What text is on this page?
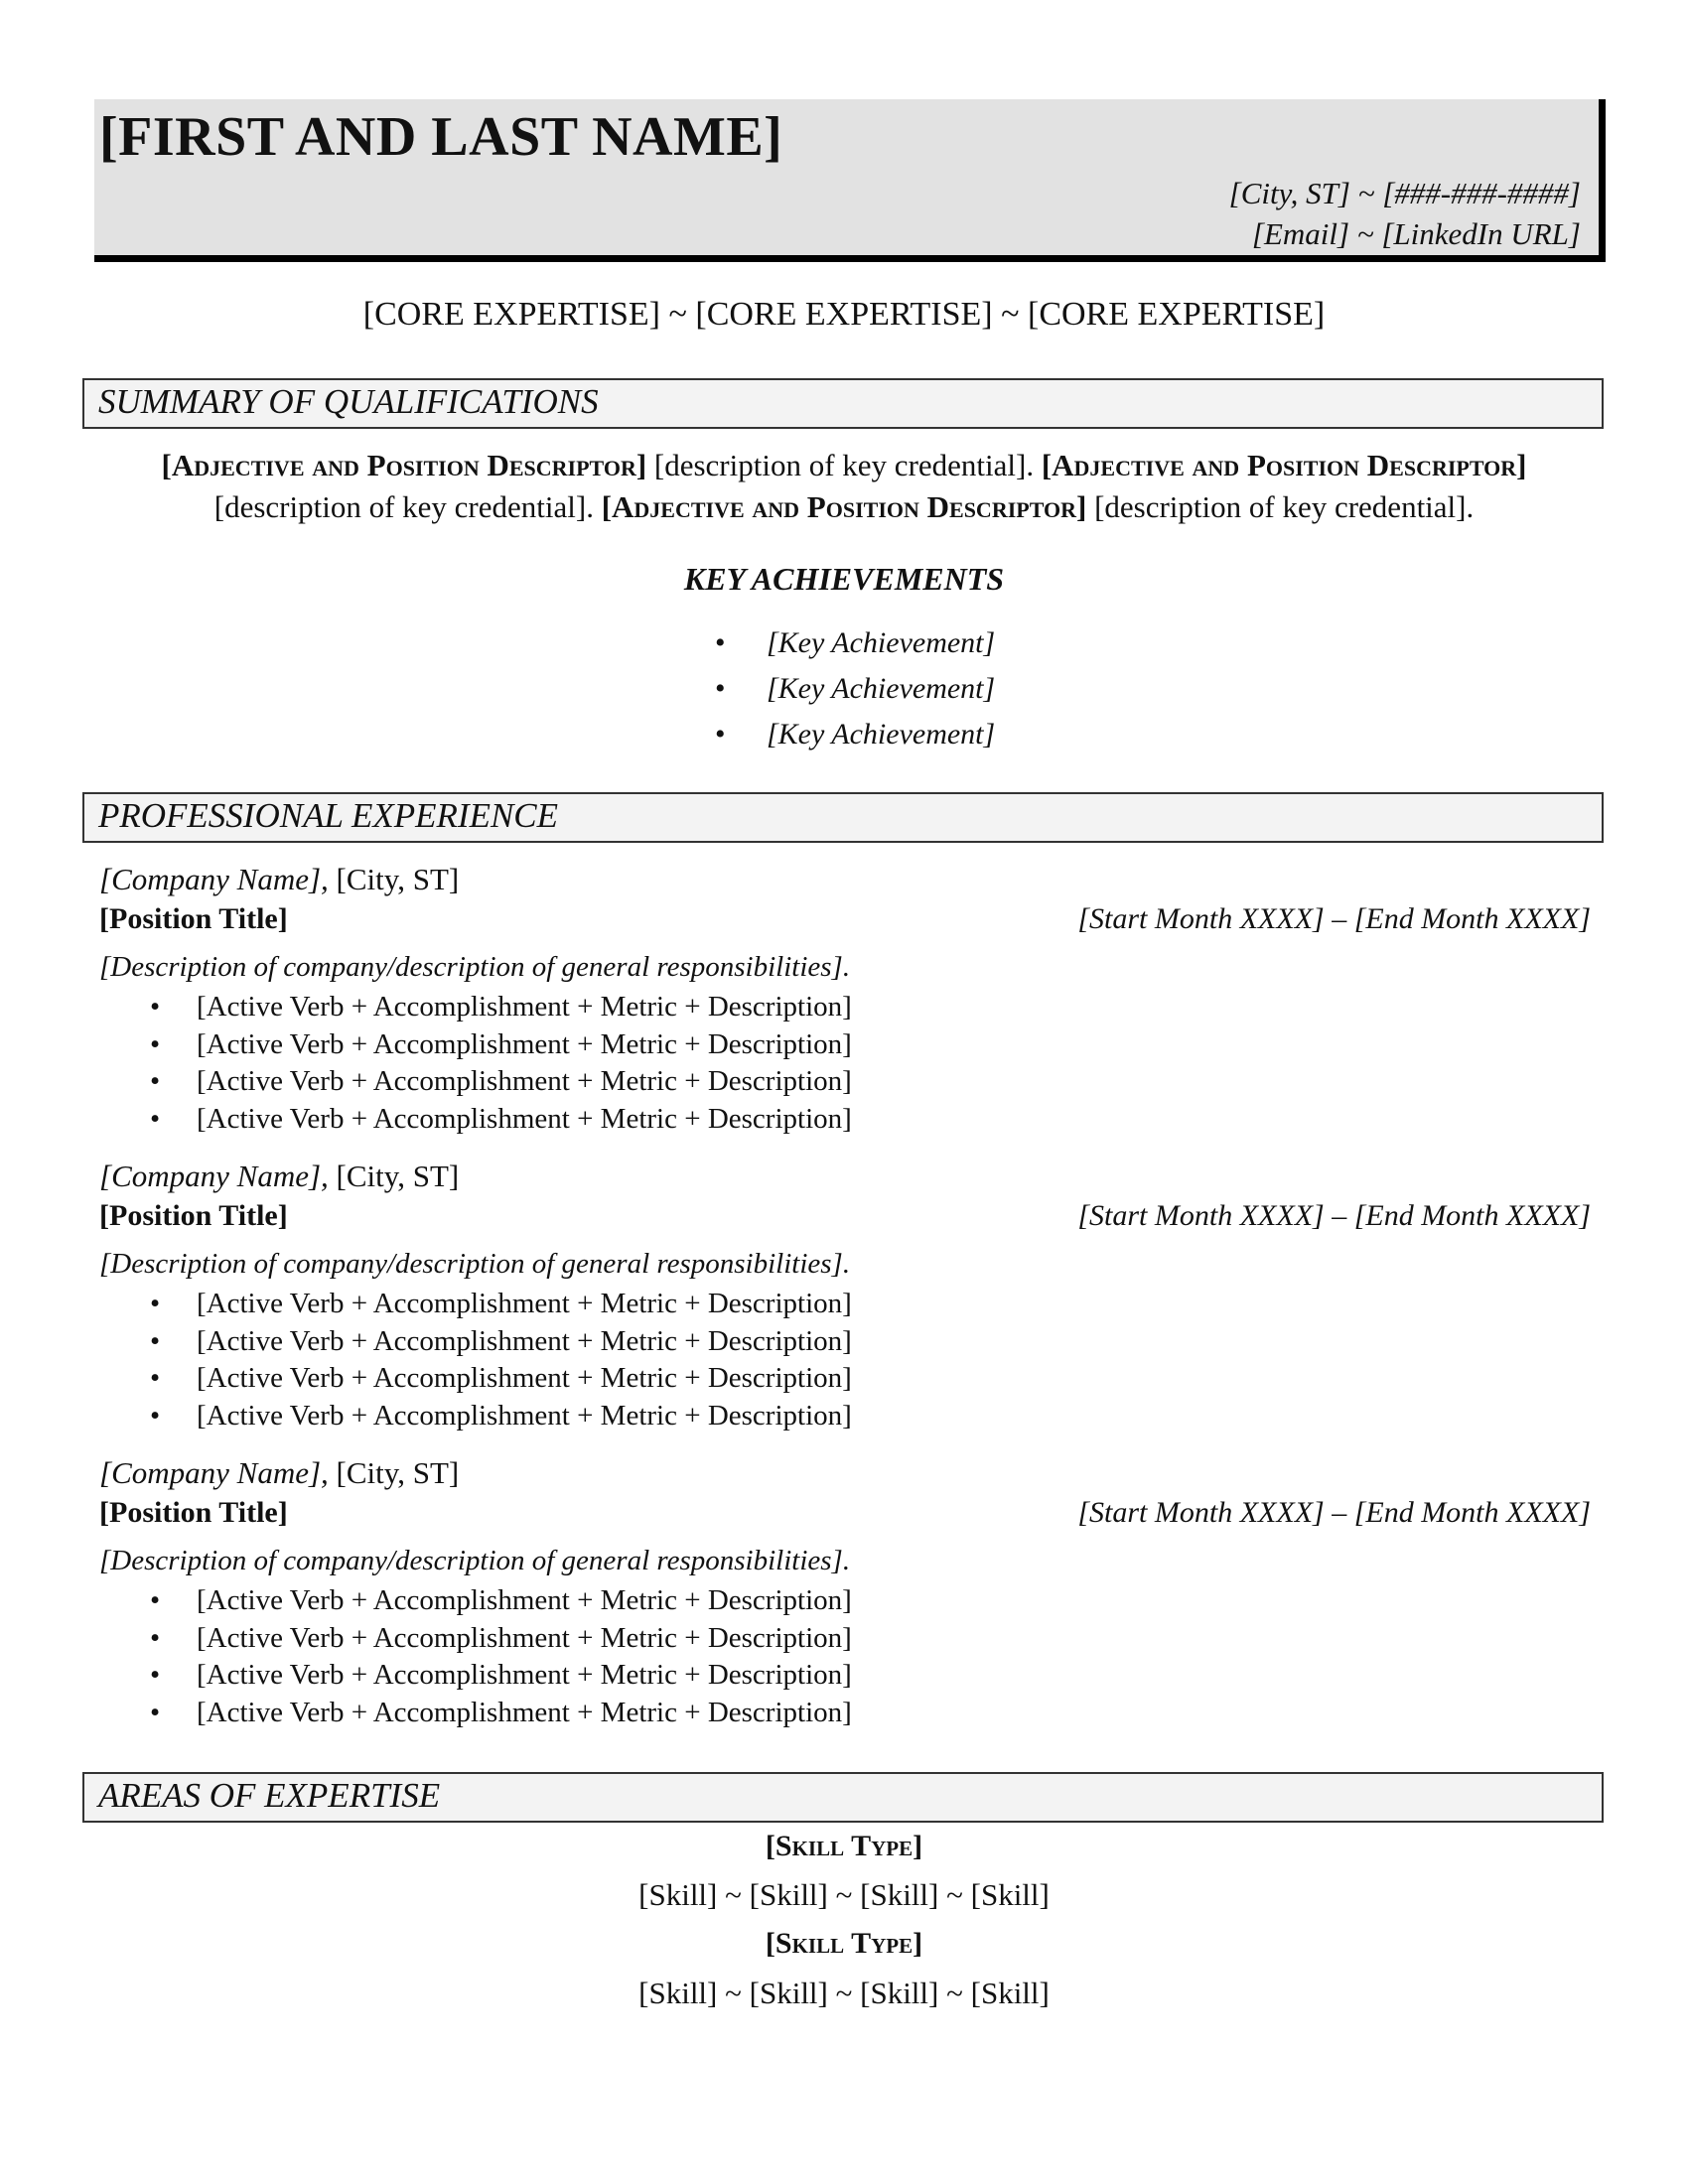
[FIRST AND LAST NAME]
[City, ST] ~ [###-###-####]
[Email] ~ [LinkedIn URL]
[CORE EXPERTISE] ~ [CORE EXPERTISE] ~ [CORE EXPERTISE]
SUMMARY OF QUALIFICATIONS
[Adjective and Position Descriptor] [description of key credential]. [Adjective and Position Descriptor]
[description of key credential]. [Adjective and Position Descriptor] [description of key credential].
KEY ACHIEVEMENTS
• [Key Achievement]
• [Key Achievement]
• [Key Achievement]
PROFESSIONAL EXPERIENCE
[Company Name], [City, ST]
[Position Title]	[Start Month XXXX] – [End Month XXXX]
[Description of company/description of general responsibilities].
• [Active Verb + Accomplishment + Metric + Description]
• [Active Verb + Accomplishment + Metric + Description]
• [Active Verb + Accomplishment + Metric + Description]
• [Active Verb + Accomplishment + Metric + Description]
[Company Name], [City, ST]
[Position Title]	[Start Month XXXX] – [End Month XXXX]
[Description of company/description of general responsibilities].
• [Active Verb + Accomplishment + Metric + Description]
• [Active Verb + Accomplishment + Metric + Description]
• [Active Verb + Accomplishment + Metric + Description]
• [Active Verb + Accomplishment + Metric + Description]
[Company Name], [City, ST]
[Position Title]	[Start Month XXXX] – [End Month XXXX]
[Description of company/description of general responsibilities].
• [Active Verb + Accomplishment + Metric + Description]
• [Active Verb + Accomplishment + Metric + Description]
• [Active Verb + Accomplishment + Metric + Description]
• [Active Verb + Accomplishment + Metric + Description]
AREAS OF EXPERTISE
[Skill Type]
[Skill] ~ [Skill] ~ [Skill] ~ [Skill]
[Skill Type]
[Skill] ~ [Skill] ~ [Skill] ~ [Skill]
